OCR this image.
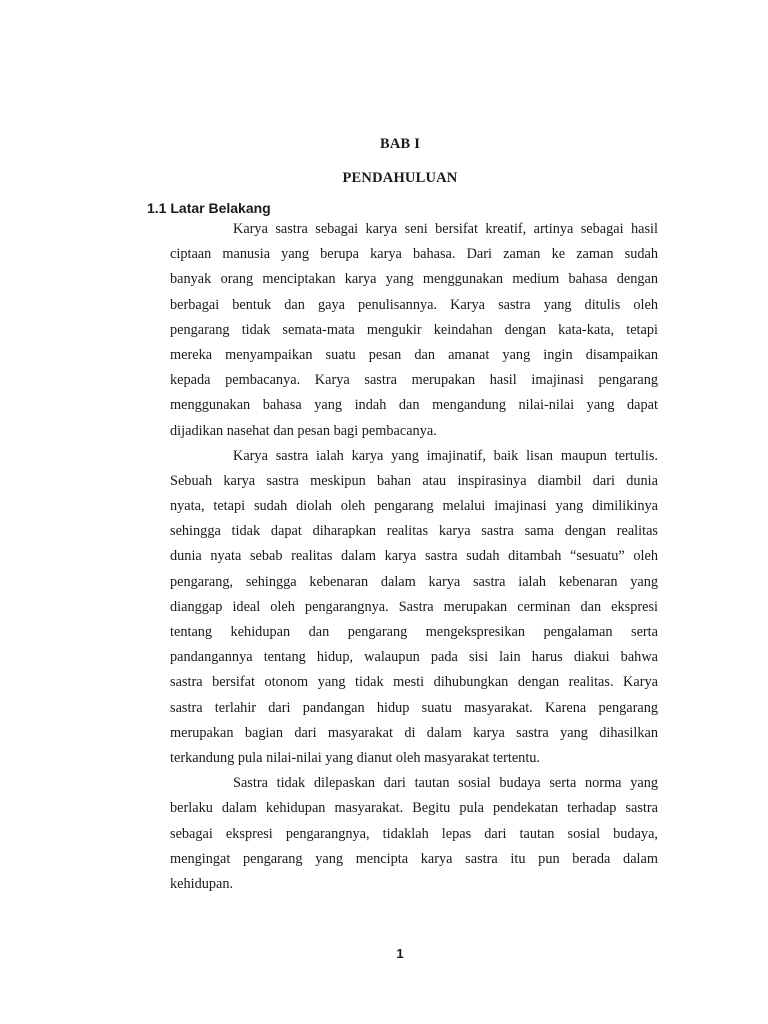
BAB I
PENDAHULUAN
1.1 Latar Belakang
Karya sastra sebagai karya seni bersifat kreatif, artinya sebagai hasil
ciptaan manusia yang berupa karya bahasa. Dari zaman ke zaman sudah
banyak orang menciptakan karya yang menggunakan medium bahasa dengan
berbagai bentuk dan gaya penulisannya. Karya sastra yang ditulis oleh
pengarang tidak semata-mata mengukir keindahan dengan kata-kata, tetapi
mereka menyampaikan suatu pesan dan amanat yang ingin disampaikan
kepada pembacanya. Karya sastra merupakan hasil imajinasi pengarang
menggunakan bahasa yang indah dan mengandung nilai-nilai yang dapat
dijadikan nasehat dan pesan bagi pembacanya.
Karya sastra ialah karya yang imajinatif, baik lisan maupun tertulis.
Sebuah karya sastra meskipun bahan atau inspirasinya diambil dari dunia
nyata, tetapi sudah diolah oleh pengarang melalui imajinasi yang dimilikinya
sehingga tidak dapat diharapkan realitas karya sastra sama dengan realitas
dunia nyata sebab realitas dalam karya sastra sudah ditambah “sesuatu” oleh
pengarang, sehingga kebenaran dalam karya sastra ialah kebenaran yang
dianggap ideal oleh pengarangnya. Sastra merupakan cerminan dan ekspresi
tentang kehidupan dan pengarang mengekspresikan pengalaman serta
pandangannya tentang hidup, walaupun pada sisi lain harus diakui bahwa
sastra bersifat otonom yang tidak mesti dihubungkan dengan realitas. Karya
sastra terlahir dari pandangan hidup suatu masyarakat. Karena pengarang
merupakan bagian dari masyarakat di dalam karya sastra yang dihasilkan
terkandung pula nilai-nilai yang dianut oleh masyarakat tertentu.
Sastra tidak dilepaskan dari tautan sosial budaya serta norma yang
berlaku dalam kehidupan masyarakat. Begitu pula pendekatan terhadap sastra
sebagai ekspresi pengarangnya, tidaklah lepas dari tautan sosial budaya,
mengingat pengarang yang mencipta karya sastra itu pun berada dalam
kehidupan.
1
